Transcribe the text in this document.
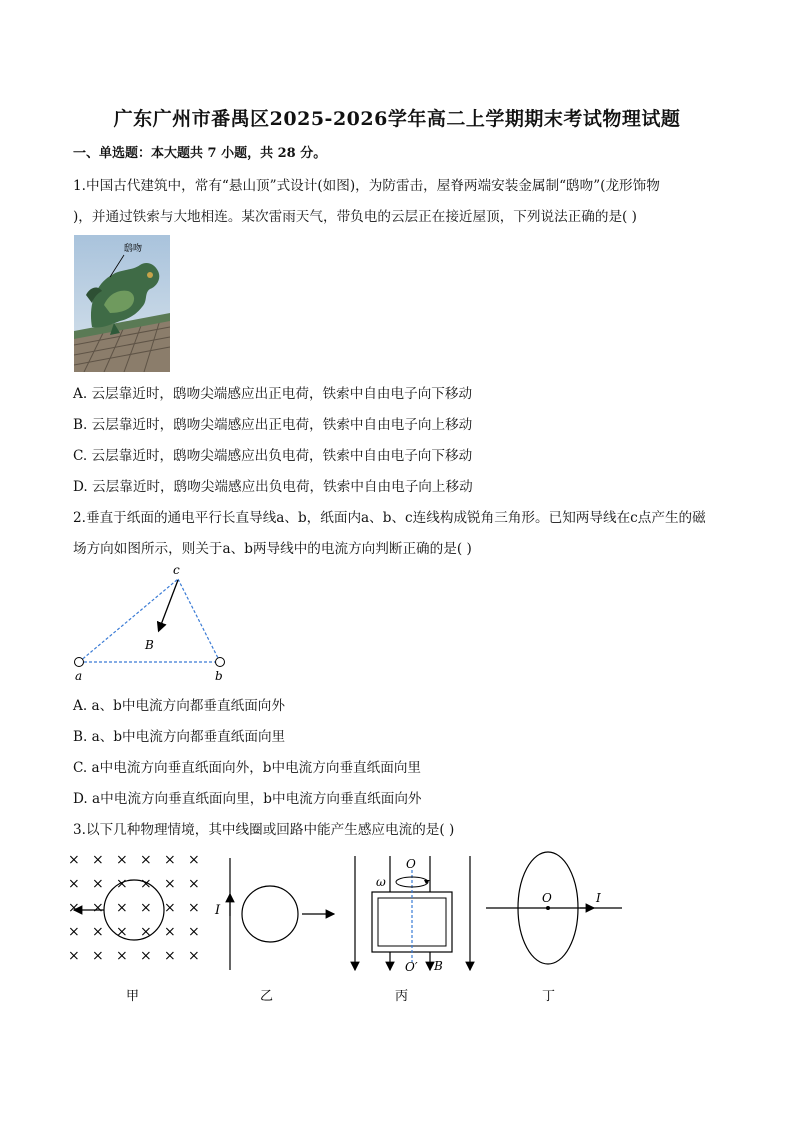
广东广州市番禺区2025-2026学年高二上学期期末考试物理试题
一、单选题：本大题共 7 小题，共 28 分。
1.中国古代建筑中，常有“悬山顶”式设计(如图)，为防雷击，屋脊两端安装金属制“鸱吻”(龙形饰物
)，并通过铁索与大地相连。某次雷雨天气，带负电的云层正在接近屋顶，下列说法正确的是( )
鸱吻
A. 云层靠近时，鸱吻尖端感应出正电荷，铁索中自由电子向下移动
B. 云层靠近时，鸱吻尖端感应出正电荷，铁索中自由电子向上移动
C. 云层靠近时，鸱吻尖端感应出负电荷，铁索中自由电子向下移动
D. 云层靠近时，鸱吻尖端感应出负电荷，铁索中自由电子向上移动
2.垂直于纸面的通电平行长直导线a、b，纸面内a、b、c连线构成锐角三角形。已知两导线在c点产生的磁
场方向如图所示，则关于a、b两导线中的电流方向判断正确的是( )
c
B
a	b
A. a、b中电流方向都垂直纸面向外
B. a、b中电流方向都垂直纸面向里
C. a中电流方向垂直纸面向外，b中电流方向垂直纸面向里
D. a中电流方向垂直纸面向里，b中电流方向垂直纸面向外
3.以下几种物理情境，其中线圈或回路中能产生感应电流的是( )
× × × × × ×
× × × × × ×
× × × × × ×
× × × × × ×
× × × × × ×
甲
I
乙
O
ω
O′ B
丙
O	I
丁
